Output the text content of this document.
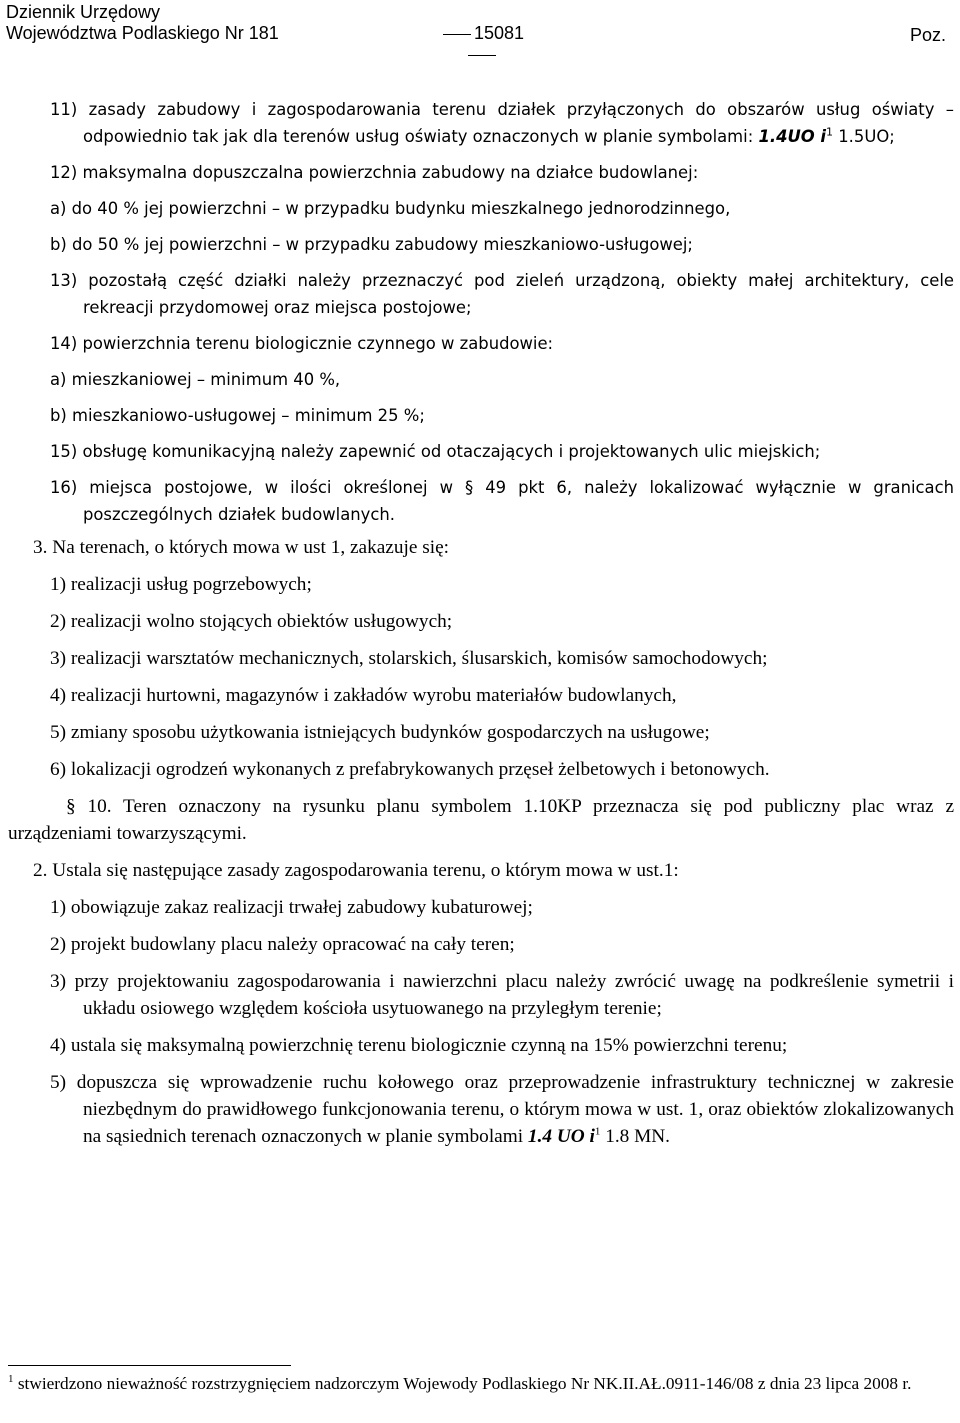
Dziennik Urzędowy
Województwa Podlaskiego Nr 181	15081	Poz.
11) zasady zabudowy i zagospodarowania terenu działek przyłączonych do obszarów usług oświaty – odpowiednio tak jak dla terenów usług oświaty oznaczonych w planie symbolami: 1.4UO $i^1$ 1.5UO;
12) maksymalna dopuszczalna powierzchnia zabudowy na działce budowlanej:
a) do 40 % jej powierzchni – w przypadku budynku mieszkalnego jednorodzinnego,
b) do 50 % jej powierzchni – w przypadku zabudowy mieszkaniowo-usługowej;
13) pozostałą część działki należy przeznaczyć pod zieleń urządzoną, obiekty małej architektury, cele rekreacji przydomowej oraz miejsca postojowe;
14) powierzchnia terenu biologicznie czynnego w zabudowie:
a) mieszkaniowej – minimum 40 %,
b) mieszkaniowo-usługowej – minimum 25 %;
15) obsługę komunikacyjną należy zapewnić od otaczających i projektowanych ulic miejskich;
16) miejsca postojowe, w ilości określonej w § 49 pkt 6, należy lokalizować wyłącznie w granicach poszczególnych działek budowlanych.
3. Na terenach, o których mowa w ust 1, zakazuje się:
1) realizacji usług pogrzebowych;
2) realizacji wolno stojących obiektów usługowych;
3) realizacji warsztatów mechanicznych, stolarskich, ślusarskich, komisów samochodowych;
4) realizacji hurtowni, magazynów i zakładów wyrobu materiałów budowlanych,
5) zmiany sposobu użytkowania istniejących budynków gospodarczych na usługowe;
6) lokalizacji ogrodzeń wykonanych z prefabrykowanych przęseł żelbetowych i betonowych.
§ 10. Teren oznaczony na rysunku planu symbolem 1.10KP przeznacza się pod publiczny plac wraz z urządzeniami towarzyszącymi.
2. Ustala się następujące zasady zagospodarowania terenu, o którym mowa w ust.1:
1) obowiązuje zakaz realizacji trwałej zabudowy kubaturowej;
2) projekt budowlany placu należy opracować na cały teren;
3) przy projektowaniu zagospodarowania i nawierzchni placu należy zwrócić uwagę na podkreślenie symetrii i układu osiowego względem kościoła usytuowanego na przyległym terenie;
4) ustala się maksymalną powierzchnię terenu biologicznie czynną na 15% powierzchni terenu;
5) dopuszcza się wprowadzenie ruchu kołowego oraz przeprowadzenie infrastruktury technicznej w zakresie niezbędnym do prawidłowego funkcjonowania terenu, o którym mowa w ust. 1, oraz obiektów zlokalizowanych na sąsiednich terenach oznaczonych w planie symbolami 1.4 UO $i^1$ 1.8 MN.
$^1$ stwierdzono nieważność rozstrzygnięciem nadzorczym Wojewody Podlaskiego Nr NK.II.AŁ.0911-146/08 z dnia 23 lipca 2008 r.
